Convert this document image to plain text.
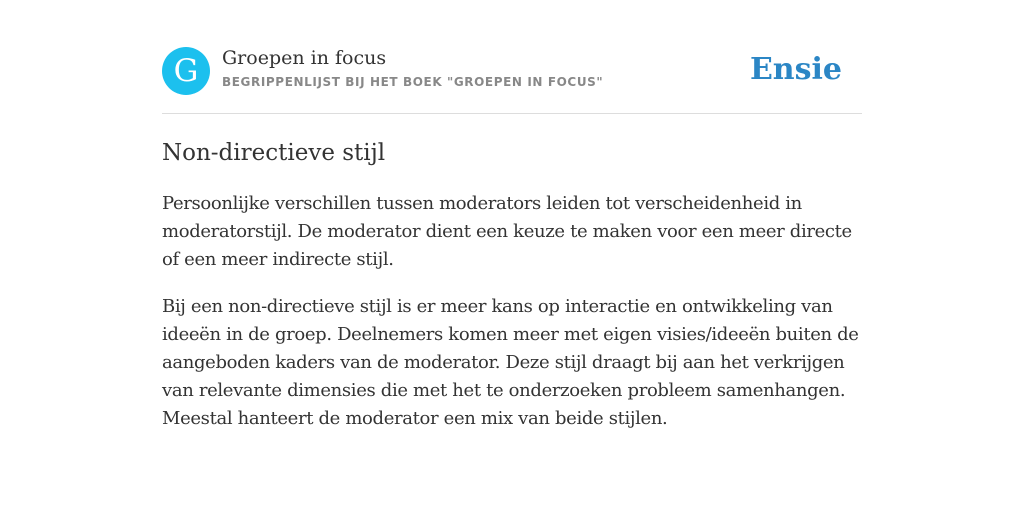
G	Groepen in focus
BEGRIPPENLIJST BIJ HET BOEK "GROEPEN IN FOCUS"	Ensie
Non-directieve stijl

Persoonlijke verschillen tussen moderators leiden tot verscheidenheid in moderatorstijl. De moderator dient een keuze te maken voor een meer directe of een meer indirecte stijl.

Bij een non-directieve stijl is er meer kans op interactie en ontwikkeling van ideeën in de groep. Deelnemers komen meer met eigen visies/ideeën buiten de aangeboden kaders van de moderator. Deze stijl draagt bij aan het verkrijgen van relevante dimensies die met het te onderzoeken probleem samenhangen. Meestal hanteert de moderator een mix van beide stijlen.
